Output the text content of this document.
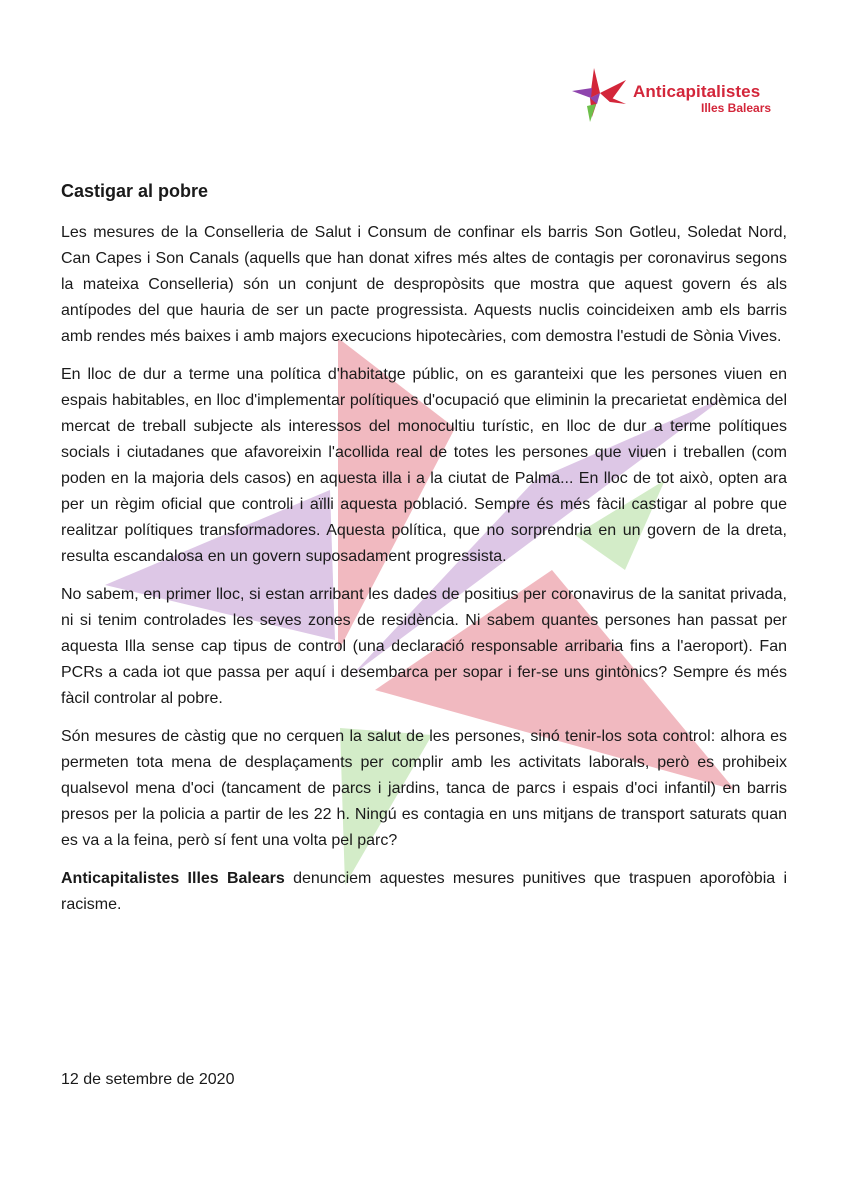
Anticapitalistes
Illes Balears
Castigar al pobre

Les mesures de la Conselleria de Salut i Consum de confinar els barris Son Gotleu, Soledat Nord, Can Capes i Son Canals (aquells que han donat xifres més altes de contagis per coronavirus segons la mateixa Conselleria) són un conjunt de despropòsits que mostra que aquest govern és als antípodes del que hauria de ser un pacte progressista. Aquests nuclis coincideixen amb els barris amb rendes més baixes i amb majors execucions hipotecàries, com demostra l'estudi de Sònia Vives.

En lloc de dur a terme una política d'habitatge públic, on es garanteixi que les persones viuen en espais habitables, en lloc d'implementar polítiques d'ocupació que eliminin la precarietat endèmica del mercat de treball subjecte als interessos del monocultiu turístic, en lloc de dur a terme polítiques socials i ciutadanes que afavoreixin l'acollida real de totes les persones que viuen i treballen (com poden en la majoria dels casos) en aquesta illa i a la ciutat de Palma... En lloc de tot això, opten ara per un règim oficial que controli i aïlli aquesta població. Sempre és més fàcil castigar al pobre que realitzar polítiques transformadores. Aquesta política, que no sorprendria en un govern de la dreta, resulta escandalosa en un govern suposadament progressista.

No sabem, en primer lloc, si estan arribant les dades de positius per coronavirus de la sanitat privada, ni si tenim controlades les seves zones de residència. Ni sabem quantes persones han passat per aquesta Illa sense cap tipus de control (una declaració responsable arribaria fins a l'aeroport). Fan PCRs a cada iot que passa per aquí i desembarca per sopar i fer-se uns gintònics? Sempre és més fàcil controlar al pobre.

Són mesures de càstig que no cerquen la salut de les persones, sinó tenir-los sota control: alhora es permeten tota mena de desplaçaments per complir amb les activitats laborals, però es prohibeix qualsevol mena d'oci (tancament de parcs i jardins, tanca de parcs i espais d'oci infantil) en barris presos per la policia a partir de les 22 h. Ningú es contagia en uns mitjans de transport saturats quan es va a la feina, però sí fent una volta pel parc?

Anticapitalistes Illes Balears denunciem aquestes mesures punitives que traspuen aporofòbia i racisme.

12 de setembre de 2020
